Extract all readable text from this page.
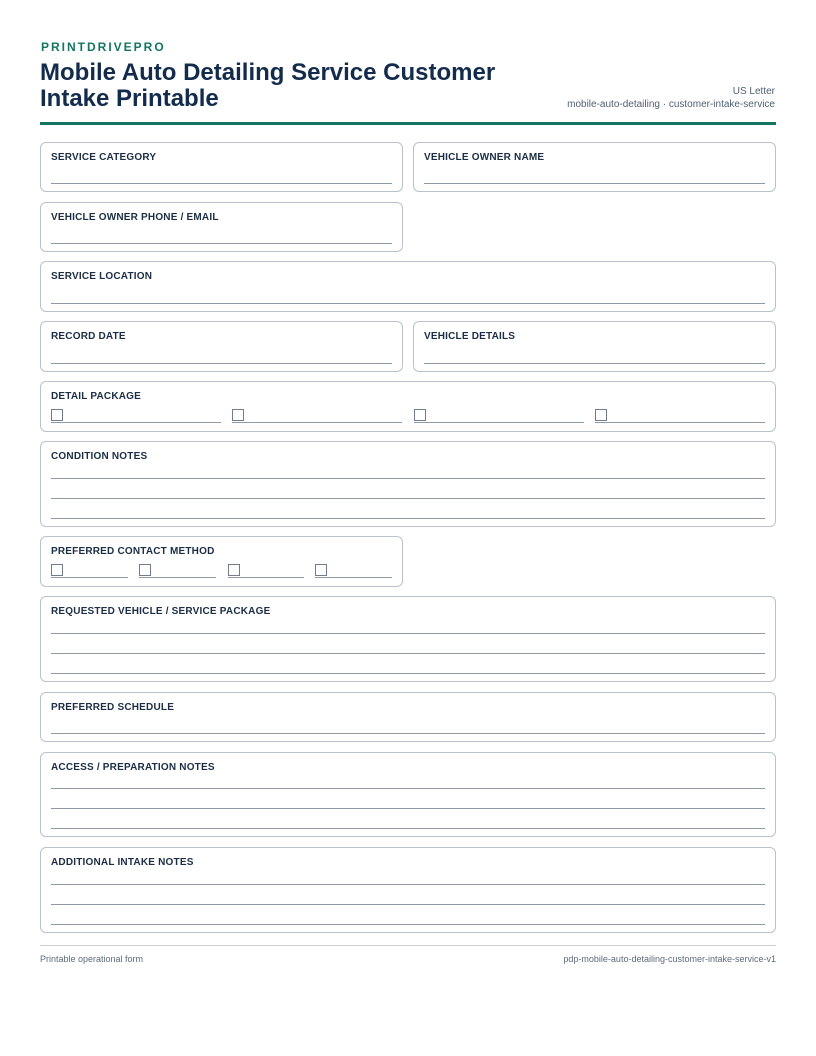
PRINTDRIVEPRO
Mobile Auto Detailing Service Customer
Intake Printable	US Letter
mobile-auto-detailing · customer-intake-service
SERVICE CATEGORY	VEHICLE OWNER NAME
VEHICLE OWNER PHONE / EMAIL
SERVICE LOCATION
RECORD DATE	VEHICLE DETAILS
DETAIL PACKAGE
CONDITION NOTES
PREFERRED CONTACT METHOD
REQUESTED VEHICLE / SERVICE PACKAGE
PREFERRED SCHEDULE
ACCESS / PREPARATION NOTES
ADDITIONAL INTAKE NOTES
Printable operational form	pdp-mobile-auto-detailing-customer-intake-service-v1
